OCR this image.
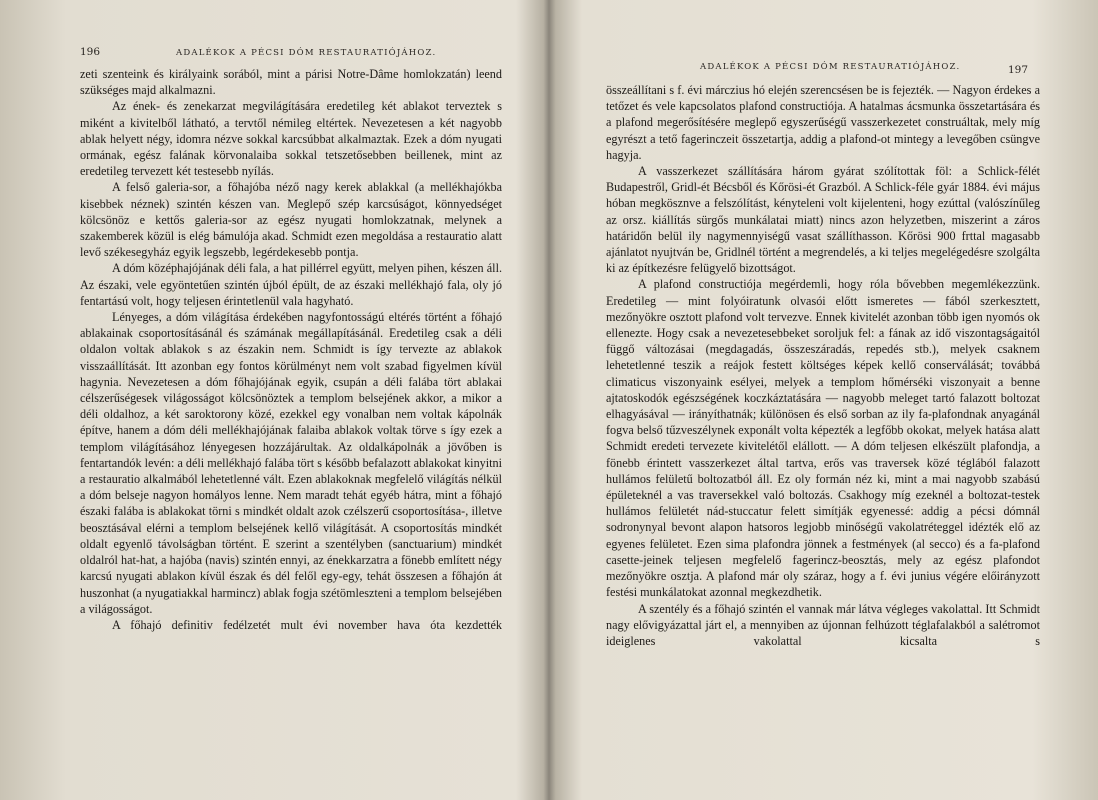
196	ADALÉKOK A PÉCSI DÓM RESTAURATIÓJÁHOZ.

zeti szenteink és királyaink sorából, mint a párisi Notre-Dâme homlokzatán) leend szükséges majd alkalmazni.

Az ének- és zenekarzat megvilágítására eredetileg két ablakot terveztek s miként a kivitelből látható, a tervtől némileg eltértek. Nevezetesen a két nagyobb ablak helyett négy, idomra nézve sokkal karcsúbbat alkalmaztak. Ezek a dóm nyugati ormának, egész falának körvonalaiba sokkal tetszetősebben beillenek, mint az eredetileg tervezett két testesebb nyílás.

A felső galeria-sor, a főhajóba néző nagy kerek ablakkal (a mellékhajókba kisebbek néznek) szintén készen van. Meglepő szép karcsúságot, könnyedséget kölcsönöz e kettős galeria-sor az egész nyugati homlokzatnak, melynek a szakemberek közül is elég bámulója akad. Schmidt ezen megoldása a restauratio alatt levő székesegyház egyik legszebb, legérdekesebb pontja.

A dóm középhajójának déli fala, a hat pillérrel együtt, melyen pihen, készen áll. Az északi, vele egyöntetűen szintén újból épült, de az északi mellékhajó fala, oly jó fentartású volt, hogy teljesen érintetlenül vala hagyható.

Lényeges, a dóm világítása érdekében nagyfontosságú eltérés történt a főhajó ablakainak csoportosításánál és számának megállapításánál. Eredetileg csak a déli oldalon voltak ablakok s az északin nem. Schmidt is így tervezte az ablakok visszaállítását. Itt azonban egy fontos körülményt nem volt szabad figyelmen kívül hagynia. Nevezetesen a dóm főhajójának egyik, csupán a déli falába tört ablakai célszerűségesek világosságot kölcsönöztek a templom belsejének akkor, a mikor a déli oldalhoz, a két saroktorony közé, ezekkel egy vonalban nem voltak kápolnák építve, hanem a dóm déli mellékhajójának falaiba ablakok voltak törve s így ezek a templom világításához lényegesen hozzájárultak. Az oldalkápolnák a jövőben is fentartandók levén: a déli mellékhajó falába tört s később befalazott ablakokat kinyitni a restauratio alkalmából lehetetlenné vált. Ezen ablakoknak megfelelő világítás nélkül a dóm belseje nagyon homályos lenne. Nem maradt tehát egyéb hátra, mint a főhajó északi falába is ablakokat törni s mindkét oldalt azok czélszerű csoportosítása-, illetve beosztásával elérni a templom belsejének kellő világítását. A csoportosítás mindkét oldalt egyenlő távolságban történt. E szerint a szentélyben (sanctuarium) mindkét oldalról hat-hat, a hajóba (navis) szintén ennyi, az énekkarzatra a fönebb említett négy karcsú nyugati ablakon kívül észak és dél felől egy-egy, tehát összesen a főhajón át huszonhat (a nyugatiakkal harmincz) ablak fogja szétömleszteni a templom belsejében a világosságot.

A főhajó definitiv fedélzetét mult évi november hava óta kezdették

ADALÉKOK A PÉCSI DÓM RESTAURATIÓJÁHOZ.	197

összeállítani s f. évi márczius hó elején szerencsésen be is fejezték. — Nagyon érdekes a tetőzet és vele kapcsolatos plafond constructiója. A hatalmas ácsmunka összetartására és a plafond megerősítésére meglepő egyszerűségű vasszerkezetet construáltak, mely míg egyrészt a tető fagerinczeit összetartja, addig a plafond-ot mintegy a levegőben csüngve hagyja.

A vasszerkezet szállítására három gyárat szólítottak föl: a Schlick-félét Budapestről, Gridl-ét Bécsből és Kőrösi-ét Grazból. A Schlick-féle gyár 1884. évi május hóban megkösznve a felszólítást, kényteleni volt kijelenteni, hogy ezúttal (valószínűleg az orsz. kiállítás sürgős munkálatai miatt) nincs azon helyzetben, miszerint a záros határidőn belül ily nagymennyiségű vasat szállíthasson. Kőrösi 900 frttal magasabb ajánlatot nyujtván be, Gridlnél történt a megrendelés, a ki teljes megelégedésre szolgálta ki az építkezésre felügyelő bizottságot.

A plafond constructiója megérdemli, hogy róla bővebben megemlékezzünk. Eredetileg — mint folyóiratunk olvasói előtt ismeretes — fából szerkesztett, mezőnyökre osztott plafond volt tervezve. Ennek kivitelét azonban több igen nyomós ok ellenezte. Hogy csak a nevezetesebbeket soroljuk fel: a fának az idő viszontagságaitól függő változásai (megdagadás, összeszáradás, repedés stb.), melyek csaknem lehetetlenné teszik a reájok festett költséges képek kellő conserválását; továbbá climaticus viszonyaink esélyei, melyek a templom hőmérséki viszonyait a benne ajtatoskodók egészségének koczkáztatására — nagyobb meleget tartó falazott boltozat elhagyásával — irányíthatnák; különösen és első sorban az ily fa-plafondnak anyagánál fogva belső tűzveszélynek exponált volta képezték a legfőbb okokat, melyek hatása alatt Schmidt eredeti tervezete kivitelétől elállott. — A dóm teljesen elkészült plafondja, a fönebb érintett vasszerkezet által tartva, erős vas traversek közé téglából falazott hullámos felületű boltozatból áll. Ez oly formán néz ki, mint a mai nagyobb szabású épületeknél a vas traversekkel való boltozás. Csakhogy míg ezeknél a boltozat-testek hullámos felületét nád-stuccatur felett simítják egyenessé: addig a pécsi dómnál sodronynyal bevont alapon hatsoros legjobb minőségű vakolatréteggel idézték elő az egyenes felületet. Ezen sima plafondra jönnek a festmények (al secco) és a fa-plafond casette-jeinek teljesen megfelelő fagerincz-beosztás, mely az egész plafondot mezőnyökre osztja. A plafond már oly száraz, hogy a f. évi junius végére előirányzott festési munkálatokat azonnal megkezdhetik.

A szentély és a főhajó szintén el vannak már látva végleges vakolattal. Itt Schmidt nagy elővigyázattal járt el, a mennyiben az újonnan felhúzott téglafalakból a salétromot ideiglenes vakolattal kicsalta s
